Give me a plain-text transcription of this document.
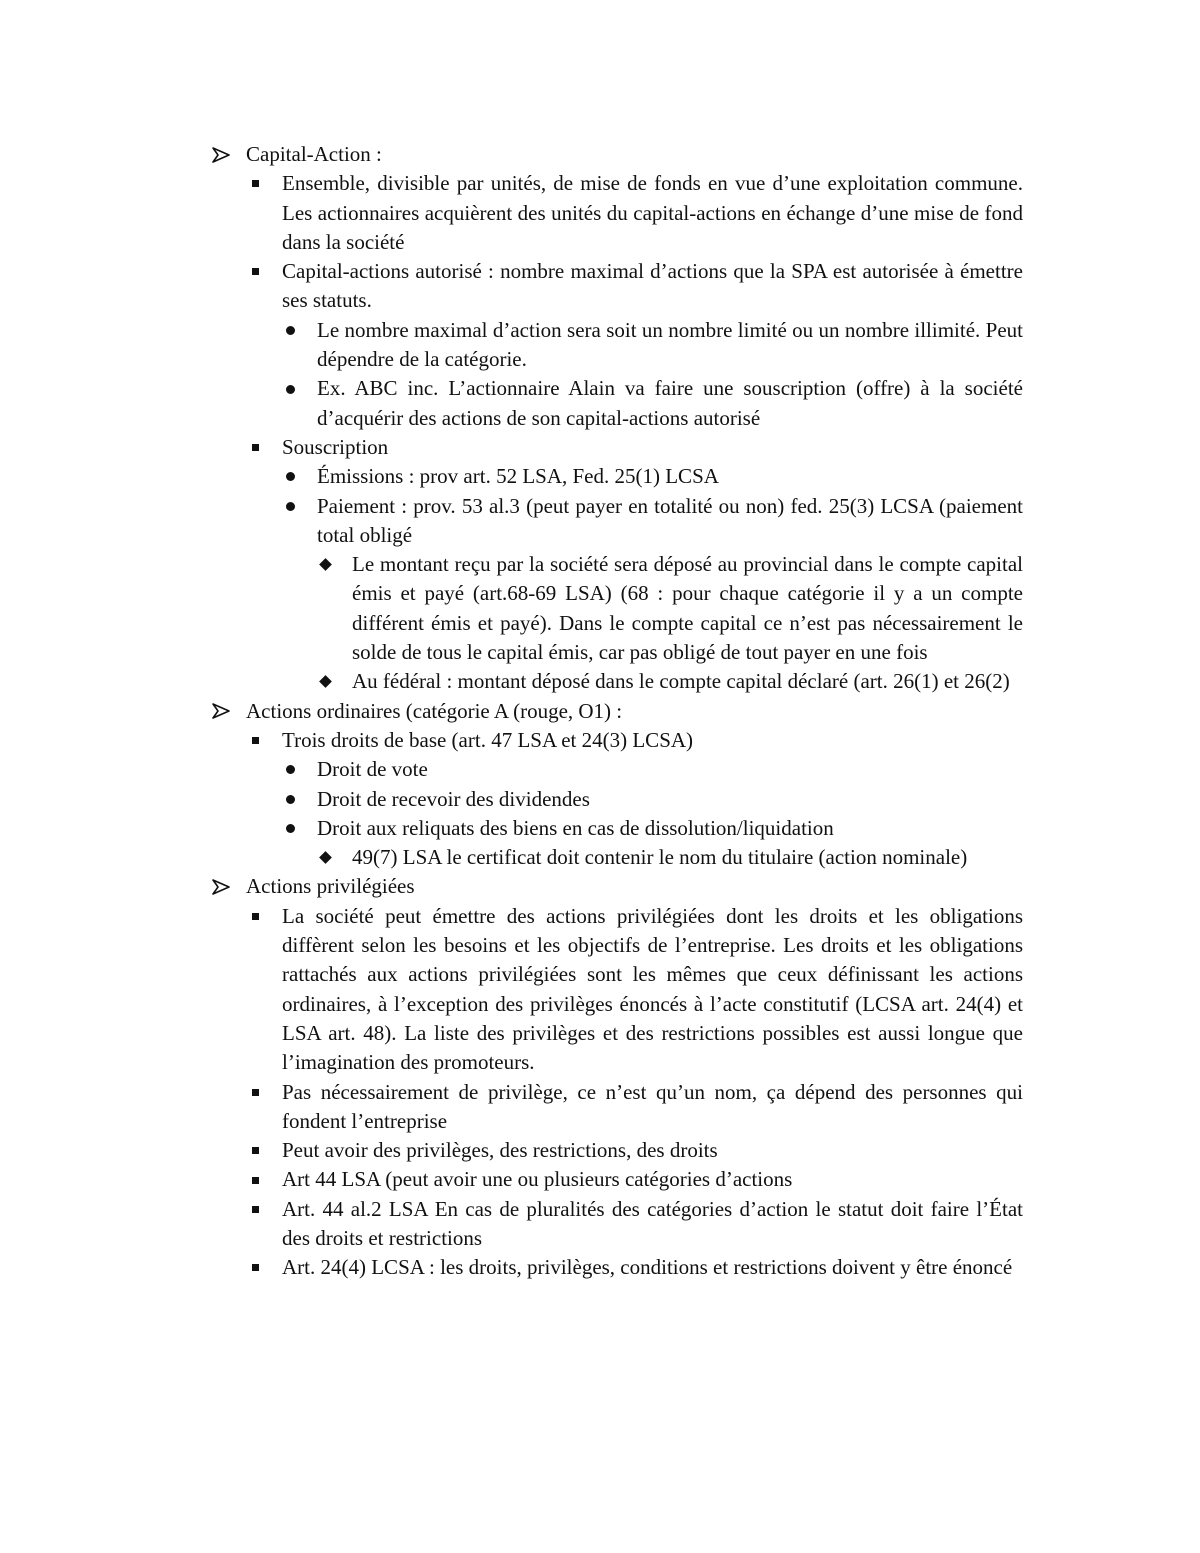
Capital-Action :
Ensemble, divisible par unités, de mise de fonds en vue d’une exploitation commune. Les actionnaires acquièrent des unités du capital-actions en échange d’une mise de fond dans la société
Capital-actions autorisé : nombre maximal d’actions que la SPA est autorisée à émettre ses statuts.
Le nombre maximal d’action sera soit un nombre limité ou un nombre illimité. Peut dépendre de la catégorie.
Ex. ABC inc. L’actionnaire Alain va faire une souscription (offre) à la société d’acquérir des actions de son capital-actions autorisé
Souscription
Émissions : prov art. 52 LSA, Fed. 25(1) LCSA
Paiement : prov. 53 al.3 (peut payer en totalité ou non) fed. 25(3) LCSA (paiement total obligé
Le montant reçu par la société sera déposé au provincial dans le compte capital émis et payé (art.68-69 LSA) (68 : pour chaque catégorie il y a un compte différent émis et payé). Dans le compte capital ce n’est pas nécessairement le solde de tous le capital émis, car pas obligé de tout payer en une fois
Au fédéral : montant déposé dans le compte capital déclaré (art. 26(1) et 26(2)
Actions ordinaires (catégorie A (rouge, O1) :
Trois droits de base (art. 47 LSA et 24(3) LCSA)
Droit de vote
Droit de recevoir des dividendes
Droit aux reliquats des biens en cas de dissolution/liquidation
49(7) LSA le certificat doit contenir le nom du titulaire (action nominale)
Actions privilégiées
La société peut émettre des actions privilégiées dont les droits et les obligations diffèrent selon les besoins et les objectifs de l’entreprise. Les droits et les obligations rattachés aux actions privilégiées sont les mêmes que ceux définissant les actions ordinaires, à l’exception des privilèges énoncés à l’acte constitutif (LCSA art. 24(4) et LSA art. 48). La liste des privilèges et des restrictions possibles est aussi longue que l’imagination des promoteurs.
Pas nécessairement de privilège, ce n’est qu’un nom, ça dépend des personnes qui fondent l’entreprise
Peut avoir des privilèges, des restrictions, des droits
Art 44 LSA (peut avoir une ou plusieurs catégories d’actions
Art. 44 al.2 LSA En cas de pluralités des catégories d’action le statut doit faire l’État des droits et restrictions
Art. 24(4) LCSA : les droits, privilèges, conditions et restrictions doivent y être énoncé
